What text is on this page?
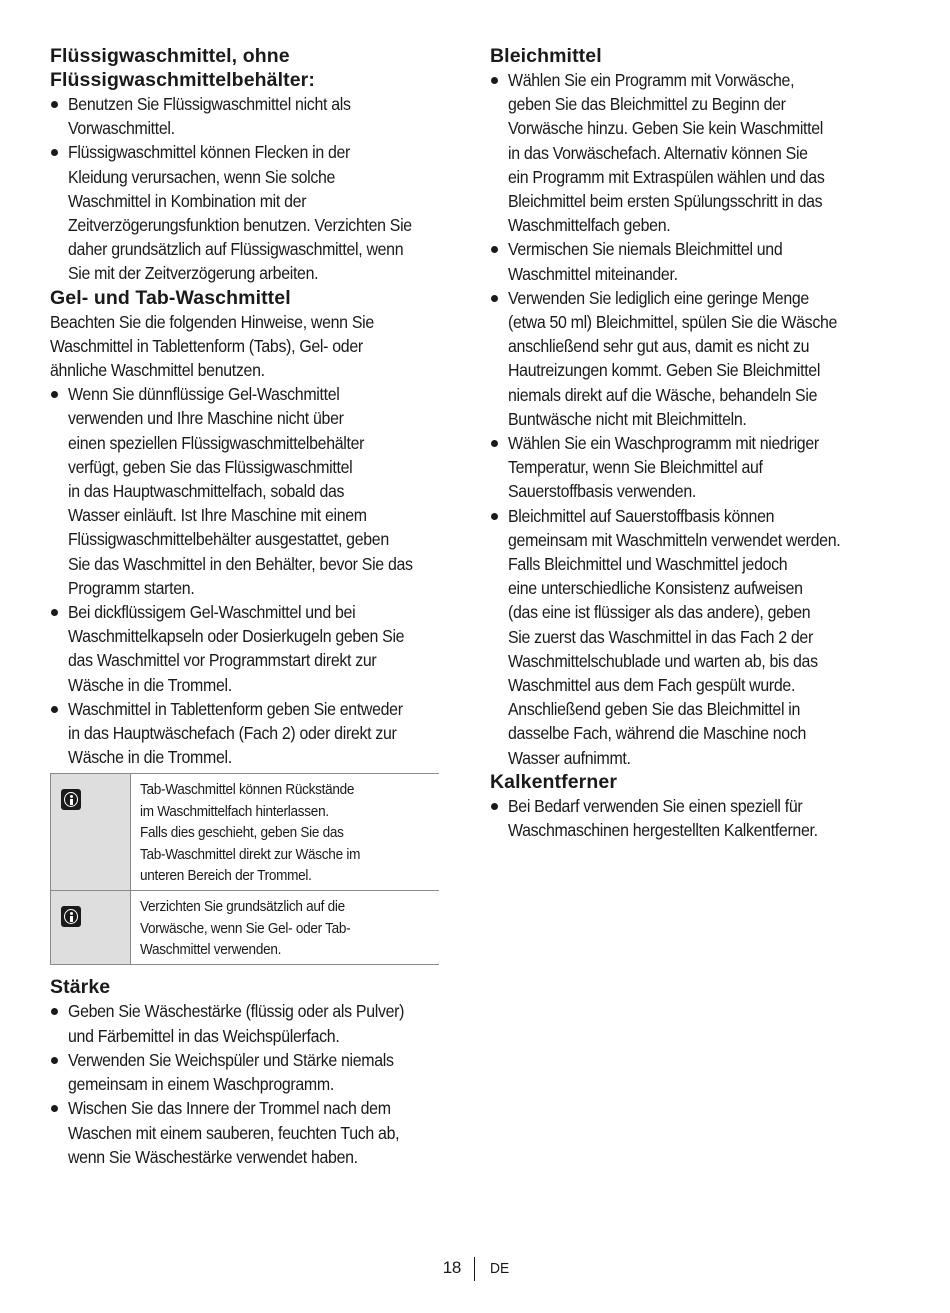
Flüssigwaschmittel, ohne
Flüssigwaschmittelbehälter:
Benutzen Sie Flüssigwaschmittel nicht als
Vorwaschmittel.
Flüssigwaschmittel können Flecken in der
Kleidung verursachen, wenn Sie solche
Waschmittel in Kombination mit der
Zeitverzögerungsfunktion benutzen. Verzichten Sie
daher grundsätzlich auf Flüssigwaschmittel, wenn
Sie mit der Zeitverzögerung arbeiten.
Gel- und Tab-Waschmittel

Beachten Sie die folgenden Hinweise, wenn Sie
Waschmittel in Tablettenform (Tabs), Gel- oder
ähnliche Waschmittel benutzen.

Wenn Sie dünnflüssige Gel-Waschmittel
verwenden und Ihre Maschine nicht über
einen speziellen Flüssigwaschmittelbehälter
verfügt, geben Sie das Flüssigwaschmittel
in das Hauptwaschmittelfach, sobald das
Wasser einläuft. Ist Ihre Maschine mit einem
Flüssigwaschmittelbehälter ausgestattet, geben
Sie das Waschmittel in den Behälter, bevor Sie das
Programm starten.
Bei dickflüssigem Gel-Waschmittel und bei
Waschmittelkapseln oder Dosierkugeln geben Sie
das Waschmittel vor Programmstart direkt zur
Wäsche in die Trommel.
Waschmittel in Tablettenform geben Sie entweder
in das Hauptwäschefach (Fach 2) oder direkt zur
Wäsche in die Trommel.
Tab-Waschmittel können Rückstände
im Waschmittelfach hinterlassen.
Falls dies geschieht, geben Sie das
Tab-Waschmittel direkt zur Wäsche im
unteren Bereich der Trommel.
Verzichten Sie grundsätzlich auf die
Vorwäsche, wenn Sie Gel- oder Tab-
Waschmittel verwenden.
Stärke
Geben Sie Wäschestärke (flüssig oder als Pulver)
und Färbemittel in das Weichspülerfach.
Verwenden Sie Weichspüler und Stärke niemals
gemeinsam in einem Waschprogramm.
Wischen Sie das Innere der Trommel nach dem
Waschen mit einem sauberen, feuchten Tuch ab,
wenn Sie Wäschestärke verwendet haben.
Bleichmittel
Wählen Sie ein Programm mit Vorwäsche,
geben Sie das Bleichmittel zu Beginn der
Vorwäsche hinzu. Geben Sie kein Waschmittel
in das Vorwäschefach. Alternativ können Sie
ein Programm mit Extraspülen wählen und das
Bleichmittel beim ersten Spülungsschritt in das
Waschmittelfach geben.
Vermischen Sie niemals Bleichmittel und
Waschmittel miteinander.
Verwenden Sie lediglich eine geringe Menge
(etwa 50 ml) Bleichmittel, spülen Sie die Wäsche
anschließend sehr gut aus, damit es nicht zu
Hautreizungen kommt. Geben Sie Bleichmittel
niemals direkt auf die Wäsche, behandeln Sie
Buntwäsche nicht mit Bleichmitteln.
Wählen Sie ein Waschprogramm mit niedriger
Temperatur, wenn Sie Bleichmittel auf
Sauerstoffbasis verwenden.
Bleichmittel auf Sauerstoffbasis können
gemeinsam mit Waschmitteln verwendet werden.
Falls Bleichmittel und Waschmittel jedoch
eine unterschiedliche Konsistenz aufweisen
(das eine ist flüssiger als das andere), geben
Sie zuerst das Waschmittel in das Fach 2 der
Waschmittelschublade und warten ab, bis das
Waschmittel aus dem Fach gespült wurde.
Anschließend geben Sie das Bleichmittel in
dasselbe Fach, während die Maschine noch
Wasser aufnimmt.
Kalkentferner
Bei Bedarf verwenden Sie einen speziell für
Waschmaschinen hergestellten Kalkentferner.
18 DE
